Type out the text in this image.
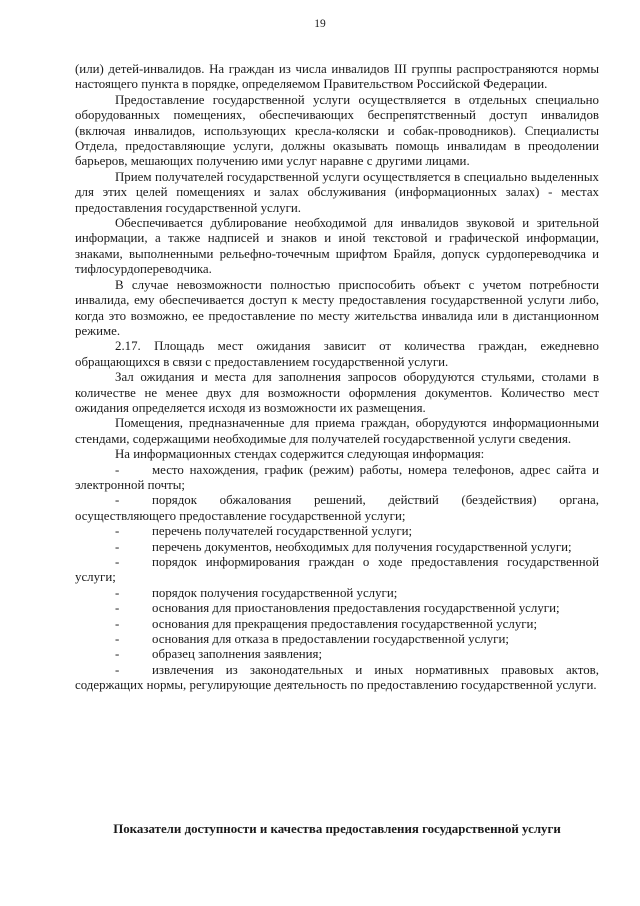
19

(или) детей-инвалидов. На граждан из числа инвалидов III группы распространяются нормы настоящего пункта в порядке, определяемом Правительством Российской Федерации.

Предоставление государственной услуги осуществляется в отдельных специально оборудованных помещениях, обеспечивающих беспрепятственный доступ инвалидов (включая инвалидов, использующих кресла-коляски и собак-проводников). Специалисты Отдела, предоставляющие услуги, должны оказывать помощь инвалидам в преодолении барьеров, мешающих получению ими услуг наравне с другими лицами.

Прием получателей государственной услуги осуществляется в специально выделенных для этих целей помещениях и залах обслуживания (информационных залах) - местах предоставления государственной услуги.

Обеспечивается дублирование необходимой для инвалидов звуковой и зрительной информации, а также надписей и знаков и иной текстовой и графической информации, знаками, выполненными рельефно-точечным шрифтом Брайля, допуск сурдопереводчика и тифлосурдопереводчика.

В случае невозможности полностью приспособить объект с учетом потребности инвалида, ему обеспечивается доступ к месту предоставления государственной услуги либо, когда это возможно, ее предоставление по месту жительства инвалида или в дистанционном режиме.

2.17. Площадь мест ожидания зависит от количества граждан, ежедневно обращающихся в связи с предоставлением государственной услуги.

Зал ожидания и места для заполнения запросов оборудуются стульями, столами в количестве не менее двух для возможности оформления документов. Количество мест ожидания определяется исходя из возможности их размещения.

Помещения, предназначенные для приема граждан, оборудуются информационными стендами, содержащими необходимые для получателей государственной услуги сведения.

На информационных стендах содержится следующая информация:

-	место нахождения, график (режим) работы, номера телефонов, адрес сайта и электронной почты;

-	порядок обжалования решений, действий (бездействия) органа, осуществляющего предоставление государственной услуги;

-	перечень получателей государственной услуги;

-	перечень документов, необходимых для получения государственной услуги;

-	порядок информирования граждан о ходе предоставления государственной услуги;

-	порядок получения государственной услуги;

-	основания для приостановления предоставления государственной услуги;

-	основания для прекращения предоставления государственной услуги;

-	основания для отказа в предоставлении государственной услуги;

-	образец заполнения заявления;

-	извлечения из законодательных и иных нормативных правовых актов, содержащих нормы, регулирующие деятельность по предоставлению государственной услуги.

Показатели доступности и качества предоставления государственной услуги
